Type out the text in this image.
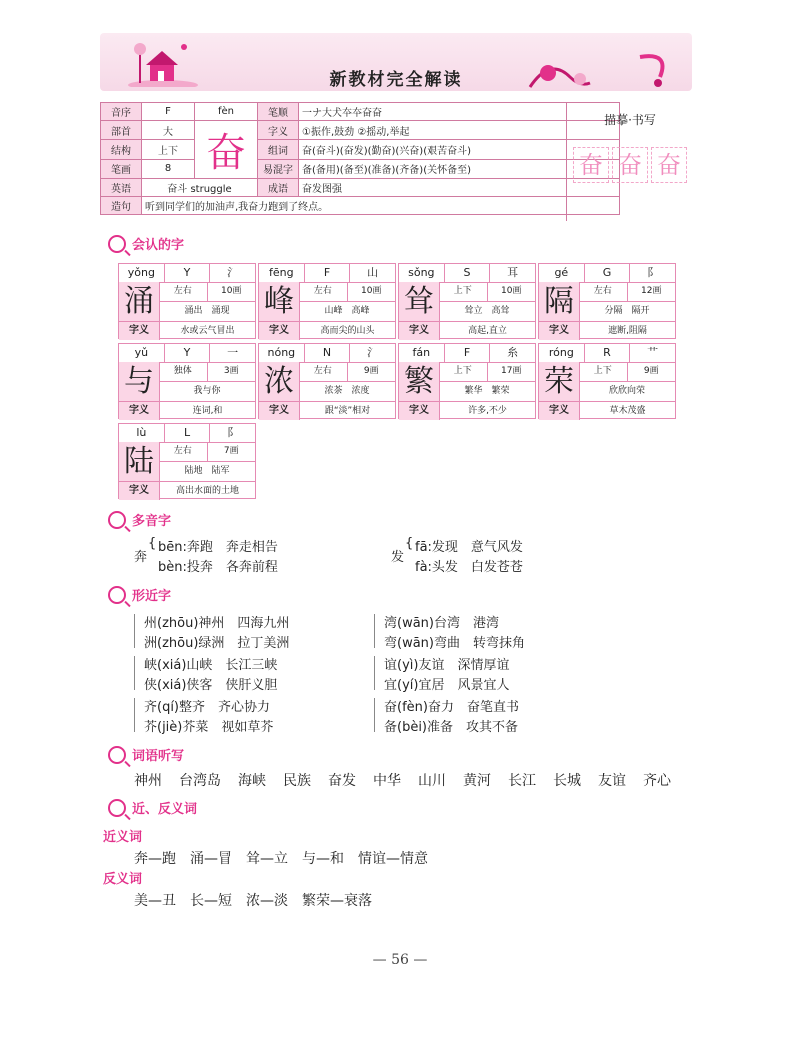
新教材完全解读
音序	F	fèn	笔顺	一ナ大犬夲夲奋奋
部首	大	奋	字义	①振作,鼓劲 ②摇动,举起
结构	上下		组词	奋(奋斗)(奋发)(勤奋)(兴奋)(艰苦奋斗)
笔画	8		易混字	备(备用)(备至)(准备)(齐备)(关怀备至)
英语	奋斗 struggle		成语	奋发图强
造句	听到同学们的加油声,我奋力跑到了终点。			
描摹·书写
奋 奋 奋
会认的字
yǒng	Y	氵
涌	左右	10画
涌出　涌现
字义	水或云气冒出
fēng	F	山
峰	左右	10画
山峰　高峰
字义	高而尖的山头
sǒng	S	耳
耸	上下	10画
耸立　高耸
字义	高起,直立
gé	G	阝
隔	左右	12画
分隔　隔开
字义	遮断,阻隔
yǔ	Y	一
与	独体	3画
我与你
字义	连词,和
nóng	N	氵
浓	左右	9画
浓茶　浓度
字义	跟“淡”相对
fán	F	糸
繁	上下	17画
繁华　繁荣
字义	许多,不少
róng	R	艹
荣	上下	9画
欣欣向荣
字义	草木茂盛
lù	L	阝
陆	左右	7画
陆地　陆军
字义	高出水面的土地
多音字
奔
{ bēn:奔跑　奔走相告
bèn:投奔　各奔前程
发
{ fā:发现　意气风发
fà:头发　白发苍苍
形近字
州(zhōu)神州　四海九州
洲(zhōu)绿洲　拉丁美洲
峡(xiá)山峡　长江三峡
侠(xiá)侠客　侠肝义胆
齐(qí)整齐　齐心协力
芥(jiè)芥菜　视如草芥
湾(wān)台湾　港湾
弯(wān)弯曲　转弯抹角
谊(yì)友谊　深情厚谊
宜(yí)宜居　风景宜人
奋(fèn)奋力　奋笔直书
备(bèi)准备　攻其不备
词语听写
神州 台湾岛 海峡 民族 奋发 中华 山川 黄河 长江 长城 友谊 齐心
近、反义词
近义词
奔—跑　涌—冒　耸—立　与—和　情谊—情意
反义词
美—丑　长—短　浓—淡　繁荣—衰落
— 56 —
